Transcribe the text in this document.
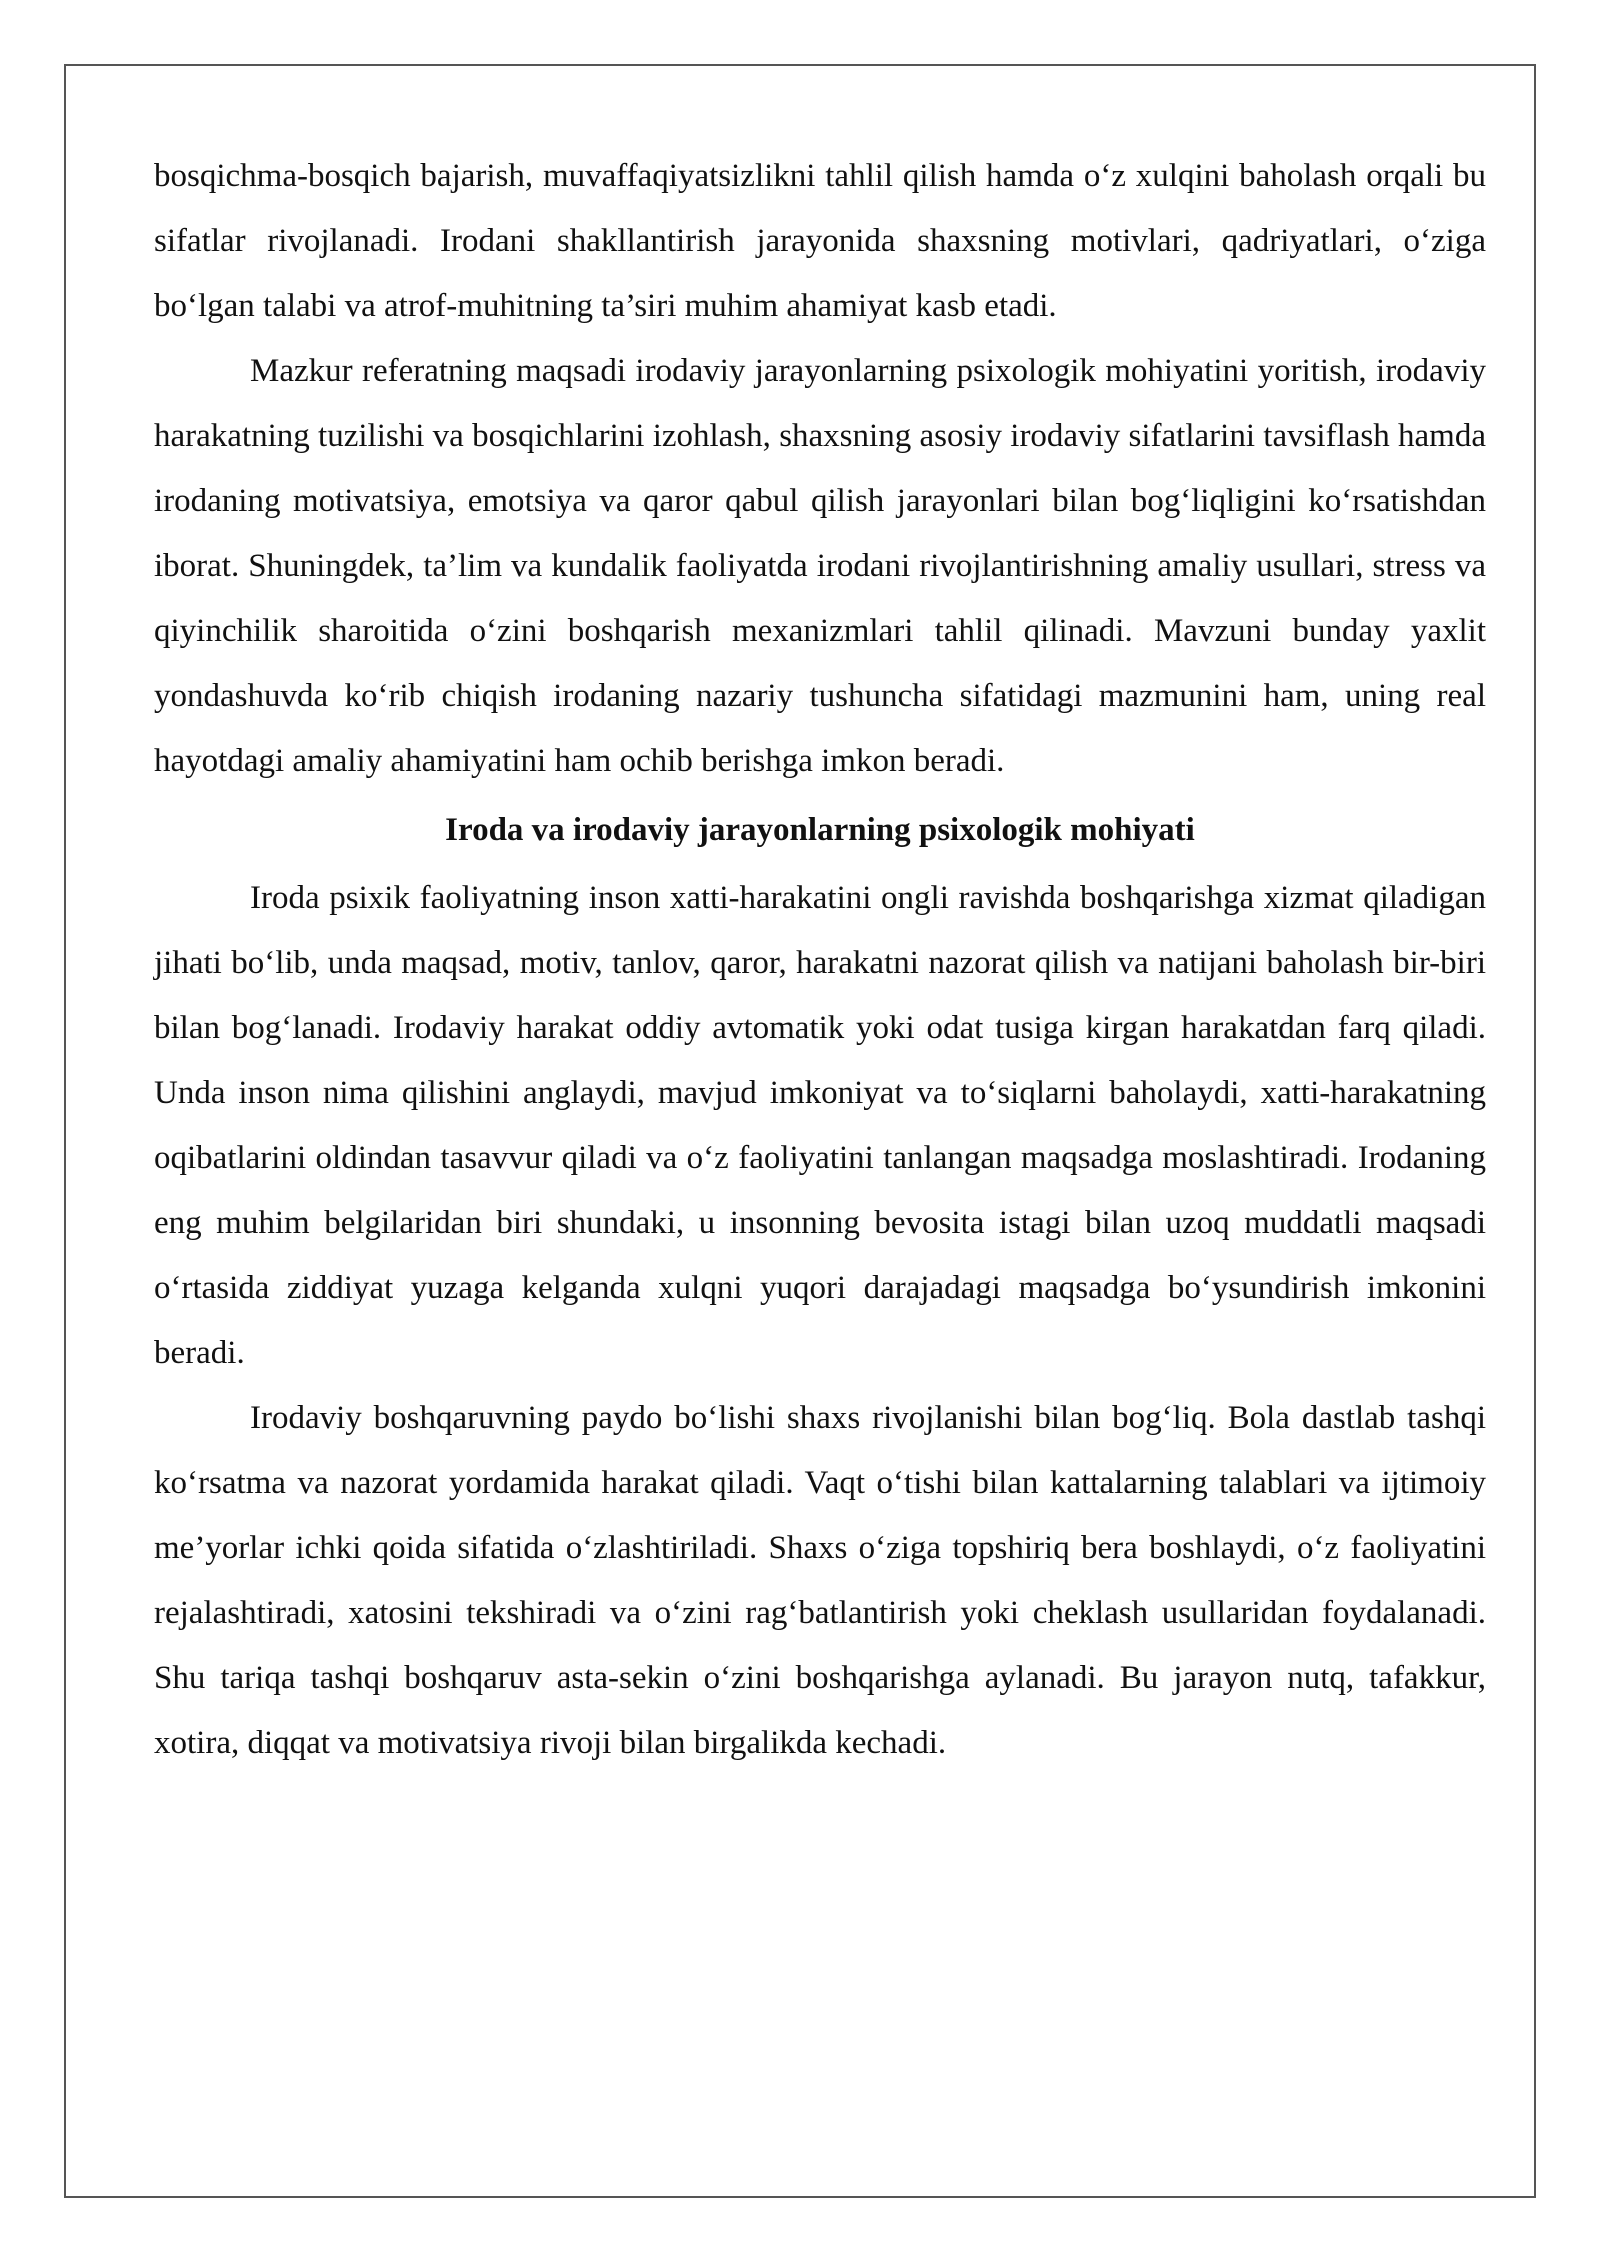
bosqichma-bosqich bajarish, muvaffaqiyatsizlikni tahlil qilish hamda o‘z xulqini baholash orqali bu sifatlar rivojlanadi. Irodani shakllantirish jarayonida shaxsning motivlari, qadriyatlari, o‘ziga bo‘lgan talabi va atrof-muhitning ta’siri muhim ahamiyat kasb etadi.

Mazkur referatning maqsadi irodaviy jarayonlarning psixologik mohiyatini yoritish, irodaviy harakatning tuzilishi va bosqichlarini izohlash, shaxsning asosiy irodaviy sifatlarini tavsiflash hamda irodaning motivatsiya, emotsiya va qaror qabul qilish jarayonlari bilan bog‘liqligini ko‘rsatishdan iborat. Shuningdek, ta’lim va kundalik faoliyatda irodani rivojlantirishning amaliy usullari, stress va qiyinchilik sharoitida o‘zini boshqarish mexanizmlari tahlil qilinadi. Mavzuni bunday yaxlit yondashuvda ko‘rib chiqish irodaning nazariy tushuncha sifatidagi mazmunini ham, uning real hayotdagi amaliy ahamiyatini ham ochib berishga imkon beradi.

Iroda va irodaviy jarayonlarning psixologik mohiyati

Iroda psixik faoliyatning inson xatti-harakatini ongli ravishda boshqarishga xizmat qiladigan jihati bo‘lib, unda maqsad, motiv, tanlov, qaror, harakatni nazorat qilish va natijani baholash bir-biri bilan bog‘lanadi. Irodaviy harakat oddiy avtomatik yoki odat tusiga kirgan harakatdan farq qiladi. Unda inson nima qilishini anglaydi, mavjud imkoniyat va to‘siqlarni baholaydi, xatti-harakatning oqibatlarini oldindan tasavvur qiladi va o‘z faoliyatini tanlangan maqsadga moslashtiradi. Irodaning eng muhim belgilaridan biri shundaki, u insonning bevosita istagi bilan uzoq muddatli maqsadi o‘rtasida ziddiyat yuzaga kelganda xulqni yuqori darajadagi maqsadga bo‘ysundirish imkonini beradi.

Irodaviy boshqaruvning paydo bo‘lishi shaxs rivojlanishi bilan bog‘liq. Bola dastlab tashqi ko‘rsatma va nazorat yordamida harakat qiladi. Vaqt o‘tishi bilan kattalarning talablari va ijtimoiy me’yorlar ichki qoida sifatida o‘zlashtiriladi. Shaxs o‘ziga topshiriq bera boshlaydi, o‘z faoliyatini rejalashtiradi, xatosini tekshiradi va o‘zini rag‘batlantirish yoki cheklash usullaridan foydalanadi. Shu tariqa tashqi boshqaruv asta-sekin o‘zini boshqarishga aylanadi. Bu jarayon nutq, tafakkur, xotira, diqqat va motivatsiya rivoji bilan birgalikda kechadi.
